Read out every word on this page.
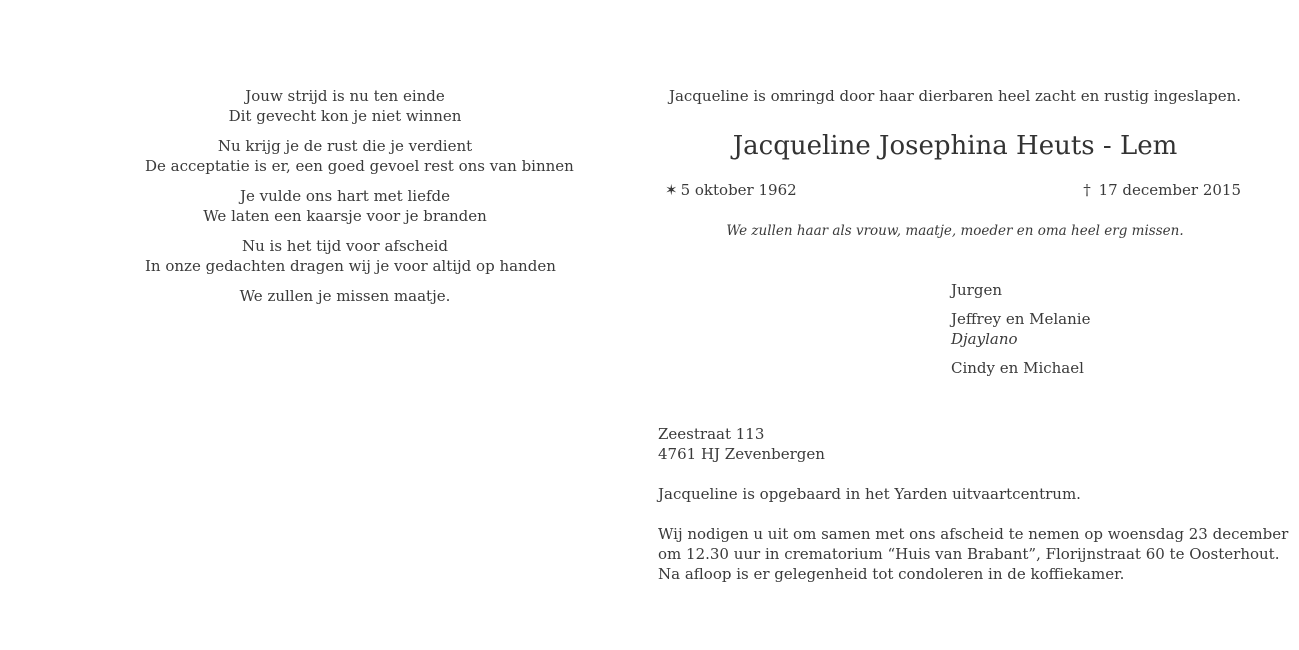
Jouw strijd is nu ten einde
Dit gevecht kon je niet winnen
Nu krijg je de rust die je verdient
De acceptatie is er, een goed gevoel rest ons van binnen
Je vulde ons hart met liefde
We laten een kaarsje voor je branden
Nu is het tijd voor afscheid
In onze gedachten dragen wij je voor altijd op handen
We zullen je missen maatje.
Jacqueline is omringd door haar dierbaren heel zacht en rustig ingeslapen.
Jacqueline Josephina Heuts - Lem
✶ 5 oktober 1962	† 17 december 2015
We zullen haar als vrouw, maatje, moeder en oma heel erg missen.
Jurgen
Jeffrey en Melanie
Djaylano
Cindy en Michael

Zeestraat 113
4761 HJ Zevenbergen

Jacqueline is opgebaard in het Yarden uitvaartcentrum.

Wij nodigen u uit om samen met ons afscheid te nemen op woensdag 23 december
om 12.30 uur in crematorium “Huis van Brabant”, Florijnstraat 60 te Oosterhout.
Na afloop is er gelegenheid tot condoleren in de koffiekamer.
